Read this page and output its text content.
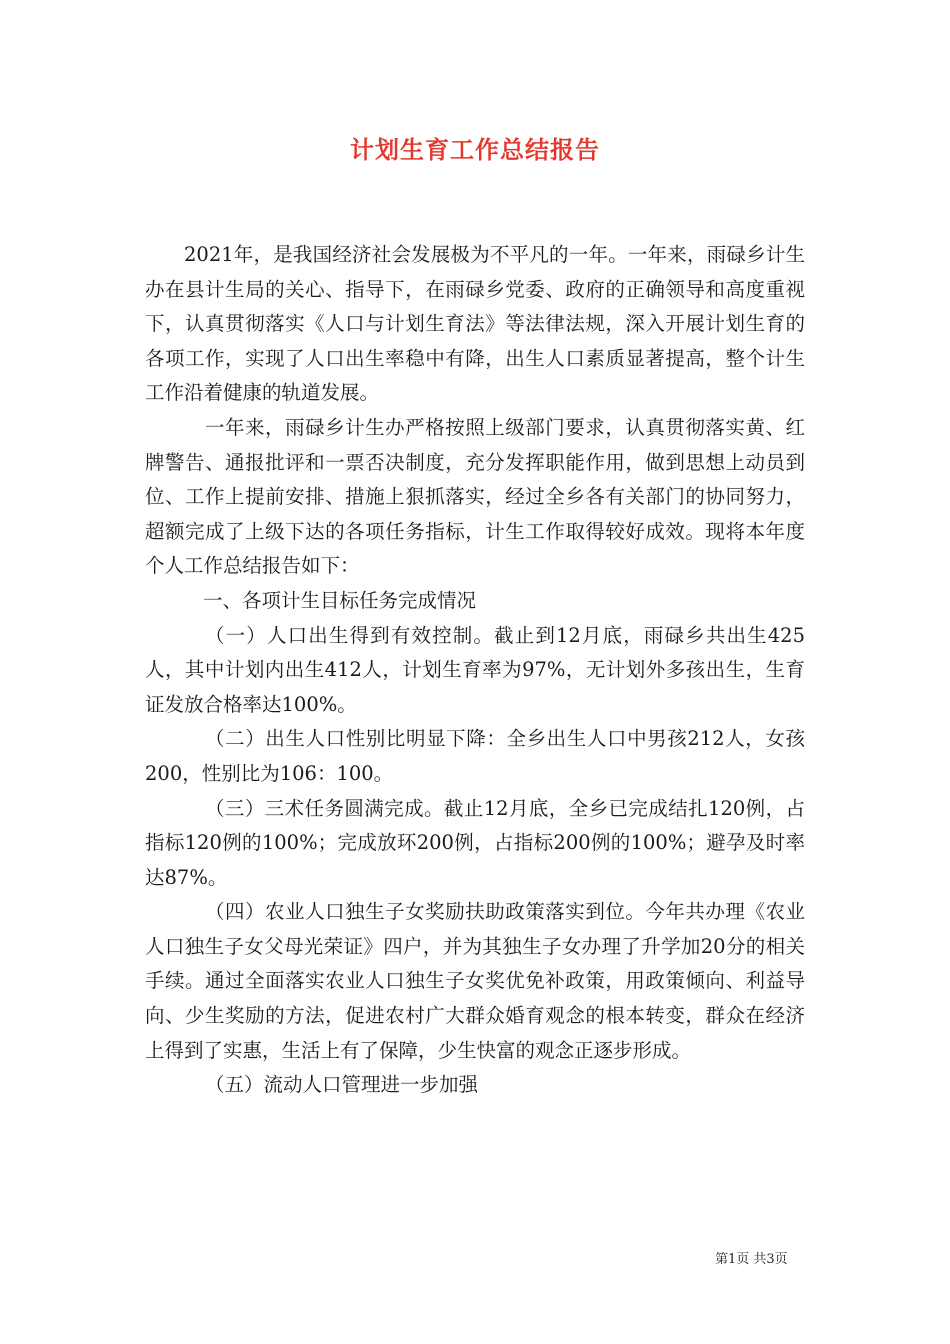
计划生育工作总结报告

2021年，是我国经济社会发展极为不平凡的一年。一年来，雨碌乡计生办在县计生局的关心、指导下，在雨碌乡党委、政府的正确领导和高度重视下，认真贯彻落实《人口与计划生育法》等法律法规，深入开展计划生育的各项工作，实现了人口出生率稳中有降，出生人口素质显著提高，整个计生工作沿着健康的轨道发展。

一年来，雨碌乡计生办严格按照上级部门要求，认真贯彻落实黄、红牌警告、通报批评和一票否决制度，充分发挥职能作用，做到思想上动员到位、工作上提前安排、措施上狠抓落实，经过全乡各有关部门的协同努力，超额完成了上级下达的各项任务指标，计生工作取得较好成效。现将本年度个人工作总结报告如下：

一、各项计生目标任务完成情况

（一）人口出生得到有效控制。截止到12月底，雨碌乡共出生425人，其中计划内出生412人，计划生育率为97%，无计划外多孩出生，生育证发放合格率达100%。

（二）出生人口性别比明显下降：全乡出生人口中男孩212人，女孩200，性别比为106：100。

（三）三术任务圆满完成。截止12月底，全乡已完成结扎120例，占指标120例的100%；完成放环200例，占指标200例的100%；避孕及时率达87%。

（四）农业人口独生子女奖励扶助政策落实到位。今年共办理《农业人口独生子女父母光荣证》四户，并为其独生子女办理了升学加20分的相关手续。通过全面落实农业人口独生子女奖优免补政策，用政策倾向、利益导向、少生奖励的方法，促进农村广大群众婚育观念的根本转变，群众在经济上得到了实惠，生活上有了保障，少生快富的观念正逐步形成。

（五）流动人口管理进一步加强

第1页 共3页
